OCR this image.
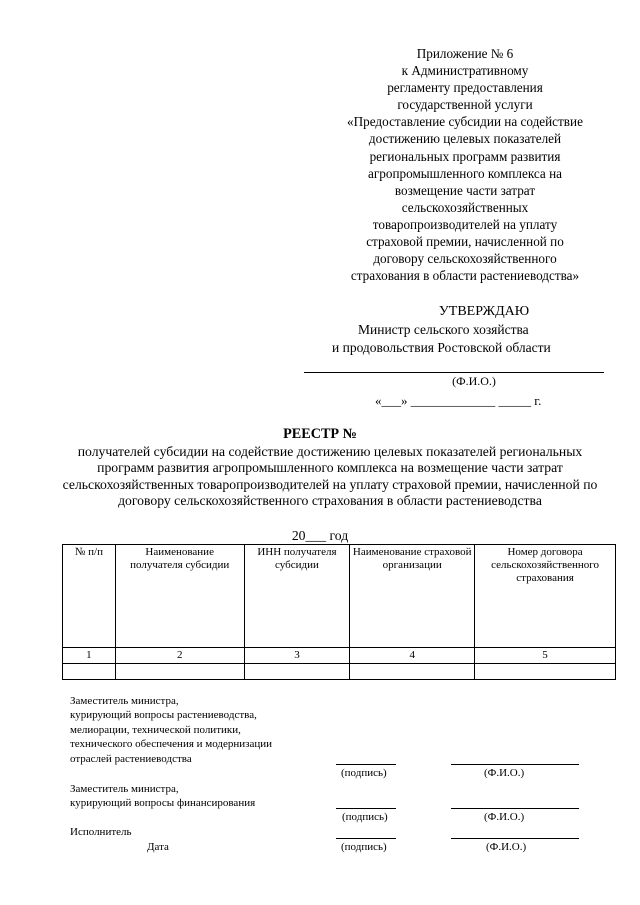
Приложение № 6
к Административному
регламенту предоставления
государственной услуги
«Предоставление субсидии на содействие
достижению целевых показателей
региональных программ развития
агропромышленного комплекса на
возмещение части затрат
сельскохозяйственных
товаропроизводителей на уплату
страховой премии, начисленной по
договору сельскохозяйственного
страхования в области растениеводства»
УТВЕРЖДАЮ
Министр сельского хозяйства
и продовольствия Ростовской области
(Ф.И.О.)
«___» _____________ _____ г.
РЕЕСТР №
получателей субсидии на содействие достижению целевых показателей региональных программ развития агропромышленного комплекса на возмещение части затрат сельскохозяйственных товаропроизводителей на уплату страховой премии, начисленной по договору сельскохозяйственного страхования в области растениеводства
20___ год
№ п/п	Наименование получателя субсидии	ИНН получателя субсидии	Наименование страховой организации	Номер договора сельскохозяйственного страхования
1	2	3	4	5

Заместитель министра,
курирующий вопросы растениеводства,
мелиорации, технической политики,
технического обеспечения и модернизации
отраслей растениеводства
(подпись)	(Ф.И.О.)
Заместитель министра,
курирующий вопросы финансирования
(подпись)	(Ф.И.О.)
Исполнитель
Дата	(подпись)	(Ф.И.О.)
